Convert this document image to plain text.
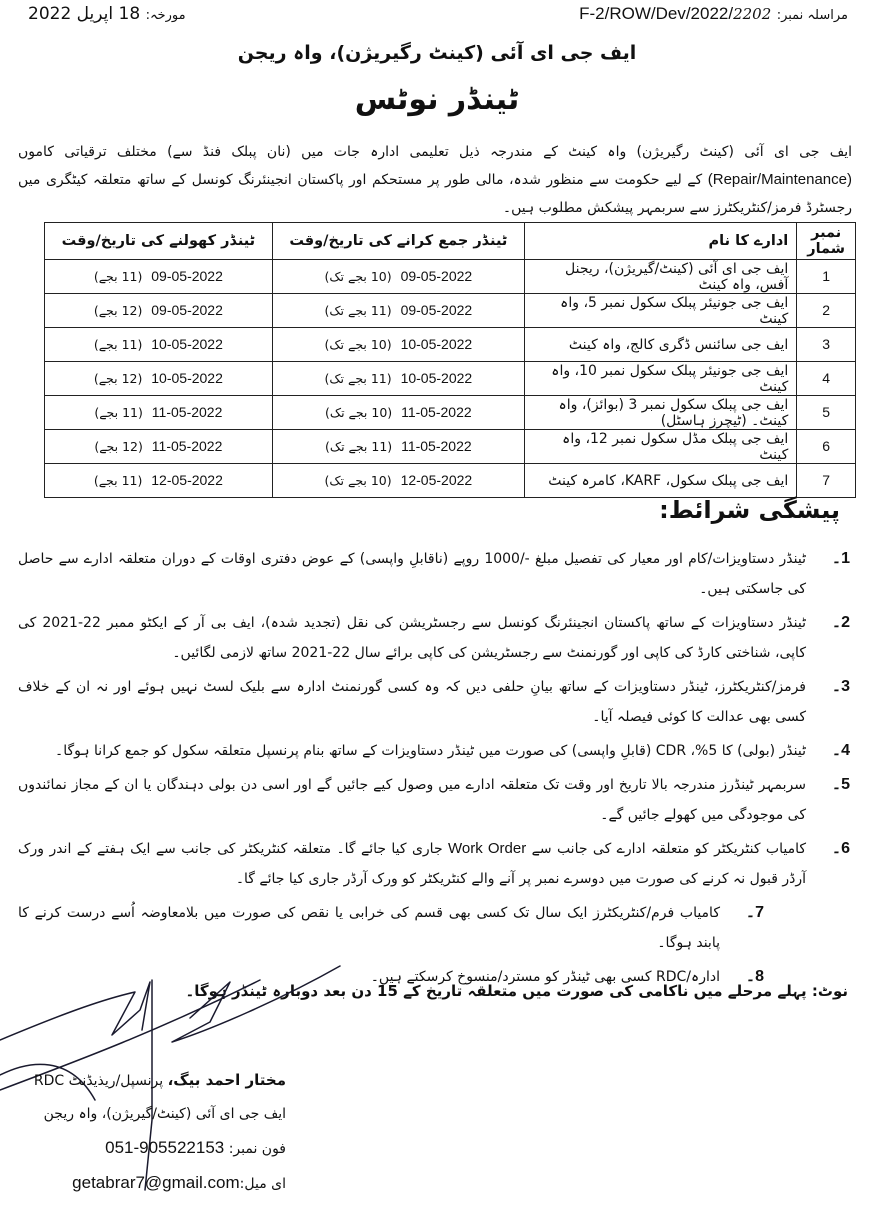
مورخہ: 18 اپریل 2022	مراسلہ نمبر: F-2/ROW/Dev/2022/2202
ایف جی ای آئی (کینٹ رگیریژن)، واہ ریجن
ٹینڈر نوٹس
ایف جی ای آئی (کینٹ رگیریژن) واہ کینٹ کے مندرجہ ذیل تعلیمی ادارہ جات میں (نان پبلک فنڈ سے) مختلف ترقیاتی کاموں (Repair/Maintenance) کے لیے حکومت سے منظور شدہ، مالی طور پر مستحکم اور پاکستان انجینئرنگ کونسل کے ساتھ متعلقہ کیٹگری میں رجسٹرڈ فرمز/کنٹریکٹرز سے سربمہر پیشکش مطلوب ہیں۔
نمبر شمار	ادارے کا نام	ٹینڈر جمع کرانے کی تاریخ/وقت	ٹینڈر کھولنے کی تاریخ/وقت
1	ایف جی ای آئی (کینٹ/گیریژن)، ریجنل آفس، واہ کینٹ	09-05-2022  (10 بجے تک)	09-05-2022  (11 بجے)
2	ایف جی جونیئر پبلک سکول نمبر 5، واہ کینٹ	09-05-2022  (11 بجے تک)	09-05-2022  (12 بجے)
3	ایف جی سائنس ڈگری کالج، واہ کینٹ	10-05-2022  (10 بجے تک)	10-05-2022  (11 بجے)
4	ایف جی جونیئر پبلک سکول نمبر 10، واہ کینٹ	10-05-2022  (11 بجے تک)	10-05-2022  (12 بجے)
5	ایف جی پبلک سکول نمبر 3 (بوائز)، واہ کینٹ۔ (ٹیچرز ہاسٹل)	11-05-2022  (10 بجے تک)	11-05-2022  (11 بجے)
6	ایف جی پبلک مڈل سکول نمبر 12، واہ کینٹ	11-05-2022  (11 بجے تک)	11-05-2022  (12 بجے)
7	ایف جی پبلک سکول، KARF، کامرہ کینٹ	12-05-2022  (10 بجے تک)	12-05-2022  (11 بجے)
پیشگی شرائط:
1۔
ٹینڈر دستاویزات/کام اور معیار کی تفصیل مبلغ -/1000 روپے (ناقابلِ واپسی) کے عوض دفتری اوقات کے دوران متعلقہ ادارے سے حاصل کی جاسکتی ہیں۔
2۔
ٹینڈر دستاویزات کے ساتھ پاکستان انجینئرنگ کونسل سے رجسٹریشن کی نقل (تجدید شدہ)، ایف بی آر کے ایکٹو ممبر 22-2021 کی کاپی، شناختی کارڈ کی کاپی اور گورنمنٹ سے رجسٹریشن کی کاپی برائے سال 22-2021 ساتھ لازمی لگائیں۔
3۔
فرمز/کنٹریکٹرز، ٹینڈر دستاویزات کے ساتھ بیانِ حلفی دیں کہ وہ کسی گورنمنٹ ادارہ سے بلیک لسٹ نہیں ہوئے اور نہ ان کے خلاف کسی بھی عدالت کا کوئی فیصلہ آیا۔
4۔
ٹینڈر (بولی) کا 5%، CDR (قابلِ واپسی) کی صورت میں ٹینڈر دستاویزات کے ساتھ بنام پرنسپل متعلقہ سکول کو جمع کرانا ہوگا۔
5۔
سربمہر ٹینڈرز مندرجہ بالا تاریخ اور وقت تک متعلقہ ادارے میں وصول کیے جائیں گے اور اسی دن بولی دہندگان یا ان کے مجاز نمائندوں کی موجودگی میں کھولے جائیں گے۔
6۔
کامیاب کنٹریکٹر کو متعلقہ ادارے کی جانب سے Work Order جاری کیا جائے گا۔ متعلقہ کنٹریکٹر کی جانب سے ایک ہفتے کے اندر ورک آرڈر قبول نہ کرنے کی صورت میں دوسرے نمبر پر آنے والے کنٹریکٹر کو ورک آرڈر جاری کیا جائے گا۔
7۔
کامیاب فرم/کنٹریکٹرز ایک سال تک کسی بھی قسم کی خرابی یا نقص کی صورت میں بلامعاوضہ اُسے درست کرنے کا پابند ہوگا۔
8۔
ادارہ/RDC کسی بھی ٹینڈر کو مسترد/منسوخ کرسکتے ہیں۔
نوٹ: پہلے مرحلے میں ناکامی کی صورت میں متعلقہ تاریخ کے 15 دن بعد دوبارہ ٹینڈر ہوگا۔
مختار احمد بیگ، پرنسپل/ریذیڈنٹ RDC
ایف جی ای آئی (کینٹ/گیریژن)، واہ ریجن
فون نمبر: 051-905522153
ای میل:getabrar7@gmail.com
